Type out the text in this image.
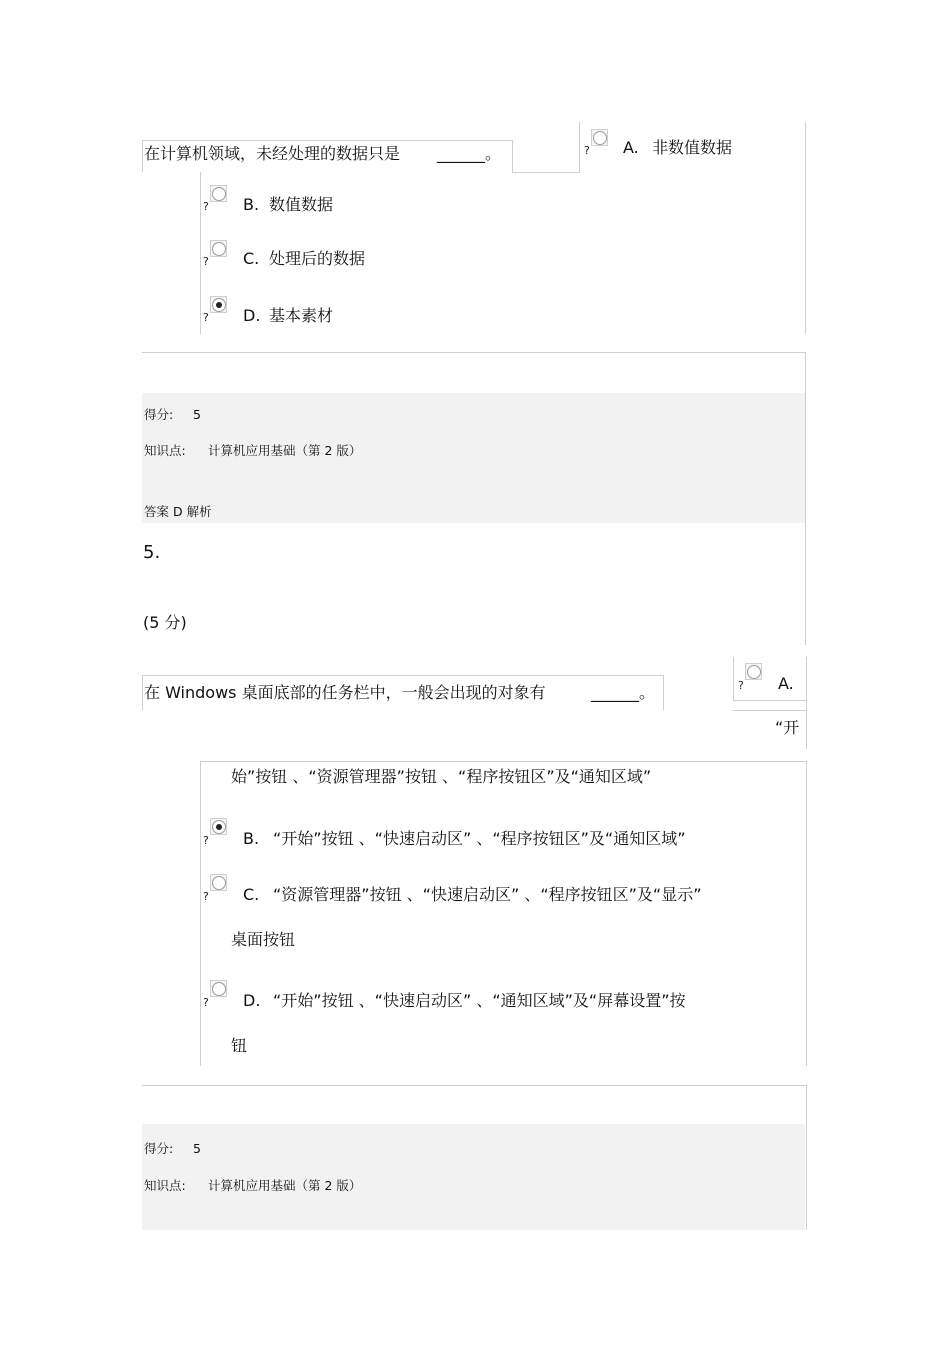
在计算机领域，未经处理的数据只是 ______。	? A. 非数值数据
? B. 数值数据
? C. 处理后的数据
? D. 基本素材
得分: 5
知识点: 计算机应用基础（第 2 版）
答案 D 解析
5.
(5 分)
在 Windows 桌面底部的任务栏中，一般会出现的对象有	______。	? A.
“开
始”按钮 、“资源管理器”按钮 、“程序按钮区”及“通知区域”
? B. “开始”按钮 、“快速启动区” 、“程序按钮区”及“通知区域”
? C. “资源管理器”按钮 、“快速启动区” 、“程序按钮区”及“显示”
桌面按钮
? D. “开始”按钮 、“快速启动区” 、“通知区域”及“屏幕设置”按
钮
得分: 5
知识点: 计算机应用基础（第 2 版）
